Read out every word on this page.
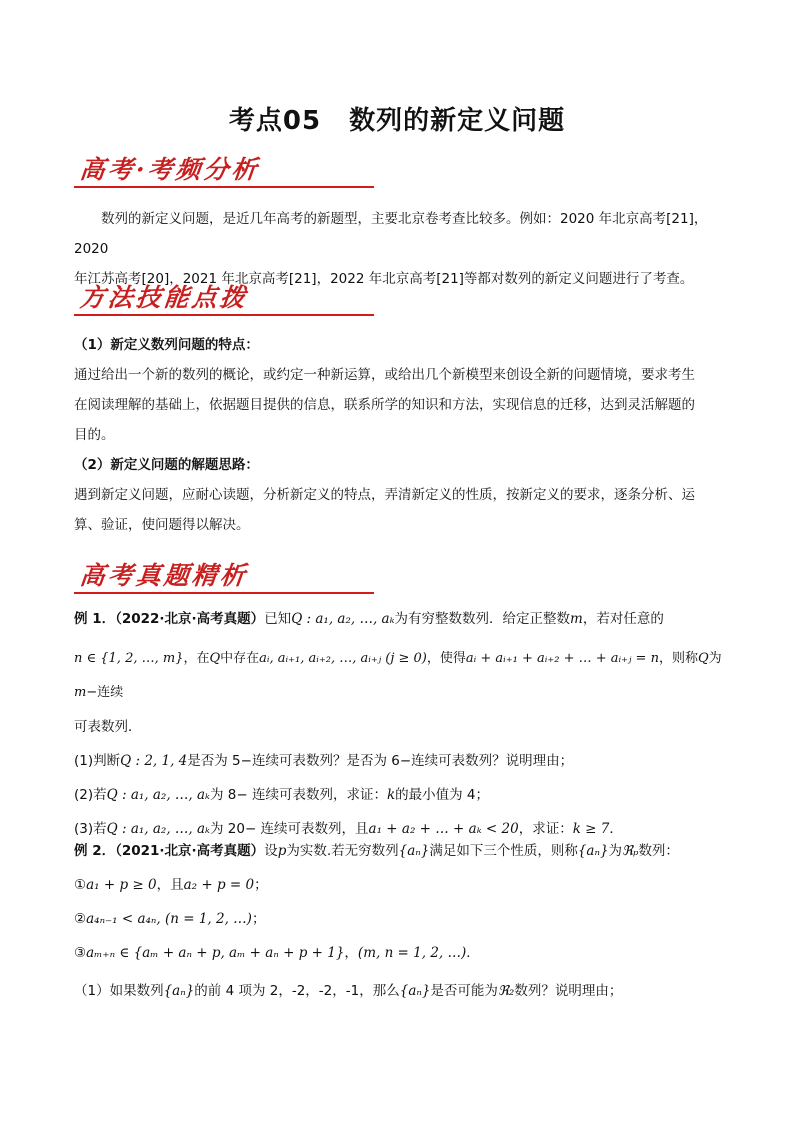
考点05 数列的新定义问题
高考·考频分析
数列的新定义问题，是近几年高考的新题型，主要北京卷考查比较多。例如：2020 年北京高考[21]，2020
年江苏高考[20]，2021 年北京高考[21]，2022 年北京高考[21]等都对数列的新定义问题进行了考查。
方法技能点拨
（1）新定义数列问题的特点：
通过给出一个新的数列的概论，或约定一种新运算，或给出几个新模型来创设全新的问题情境，要求考生
在阅读理解的基础上，依据题目提供的信息，联系所学的知识和方法，实现信息的迁移，达到灵活解题的
目的。
（2）新定义问题的解题思路：
遇到新定义问题，应耐心读题，分析新定义的特点，弄清新定义的性质，按新定义的要求，逐条分析、运
算、验证，使问题得以解决。
高考真题精析
例 1．（2022·北京·高考真题）已知Q : a₁, a₂, …, aₖ为有穷整数数列．给定正整数m，若对任意的
n ∈ {1, 2, …, m}，在Q中存在aᵢ, aᵢ₊₁, aᵢ₊₂, …, aᵢ₊ⱼ (j ≥ 0)，使得aᵢ + aᵢ₊₁ + aᵢ₊₂ + … + aᵢ₊ⱼ = n，则称Q为m−连续
可表数列．
(1)判断Q : 2, 1, 4是否为 5−连续可表数列？是否为 6−连续可表数列？说明理由；
(2)若Q : a₁, a₂, …, aₖ为 8− 连续可表数列，求证：k的最小值为 4；
(3)若Q : a₁, a₂, …, aₖ为 20− 连续可表数列，且a₁ + a₂ + … + aₖ < 20，求证：k ≥ 7．
例 2．（2021·北京·高考真题）设p为实数.若无穷数列{aₙ}满足如下三个性质，则称{aₙ}为ℜₚ数列：
①a₁ + p ≥ 0，且a₂ + p = 0；
②a₄ₙ₋₁ < a₄ₙ, (n = 1, 2, …)；
③aₘ₊ₙ ∈ {aₘ + aₙ + p, aₘ + aₙ + p + 1}，(m, n = 1, 2, …)．
（1）如果数列{aₙ}的前 4 项为 2，-2，-2，-1，那么{aₙ}是否可能为ℜ₂数列？说明理由；
